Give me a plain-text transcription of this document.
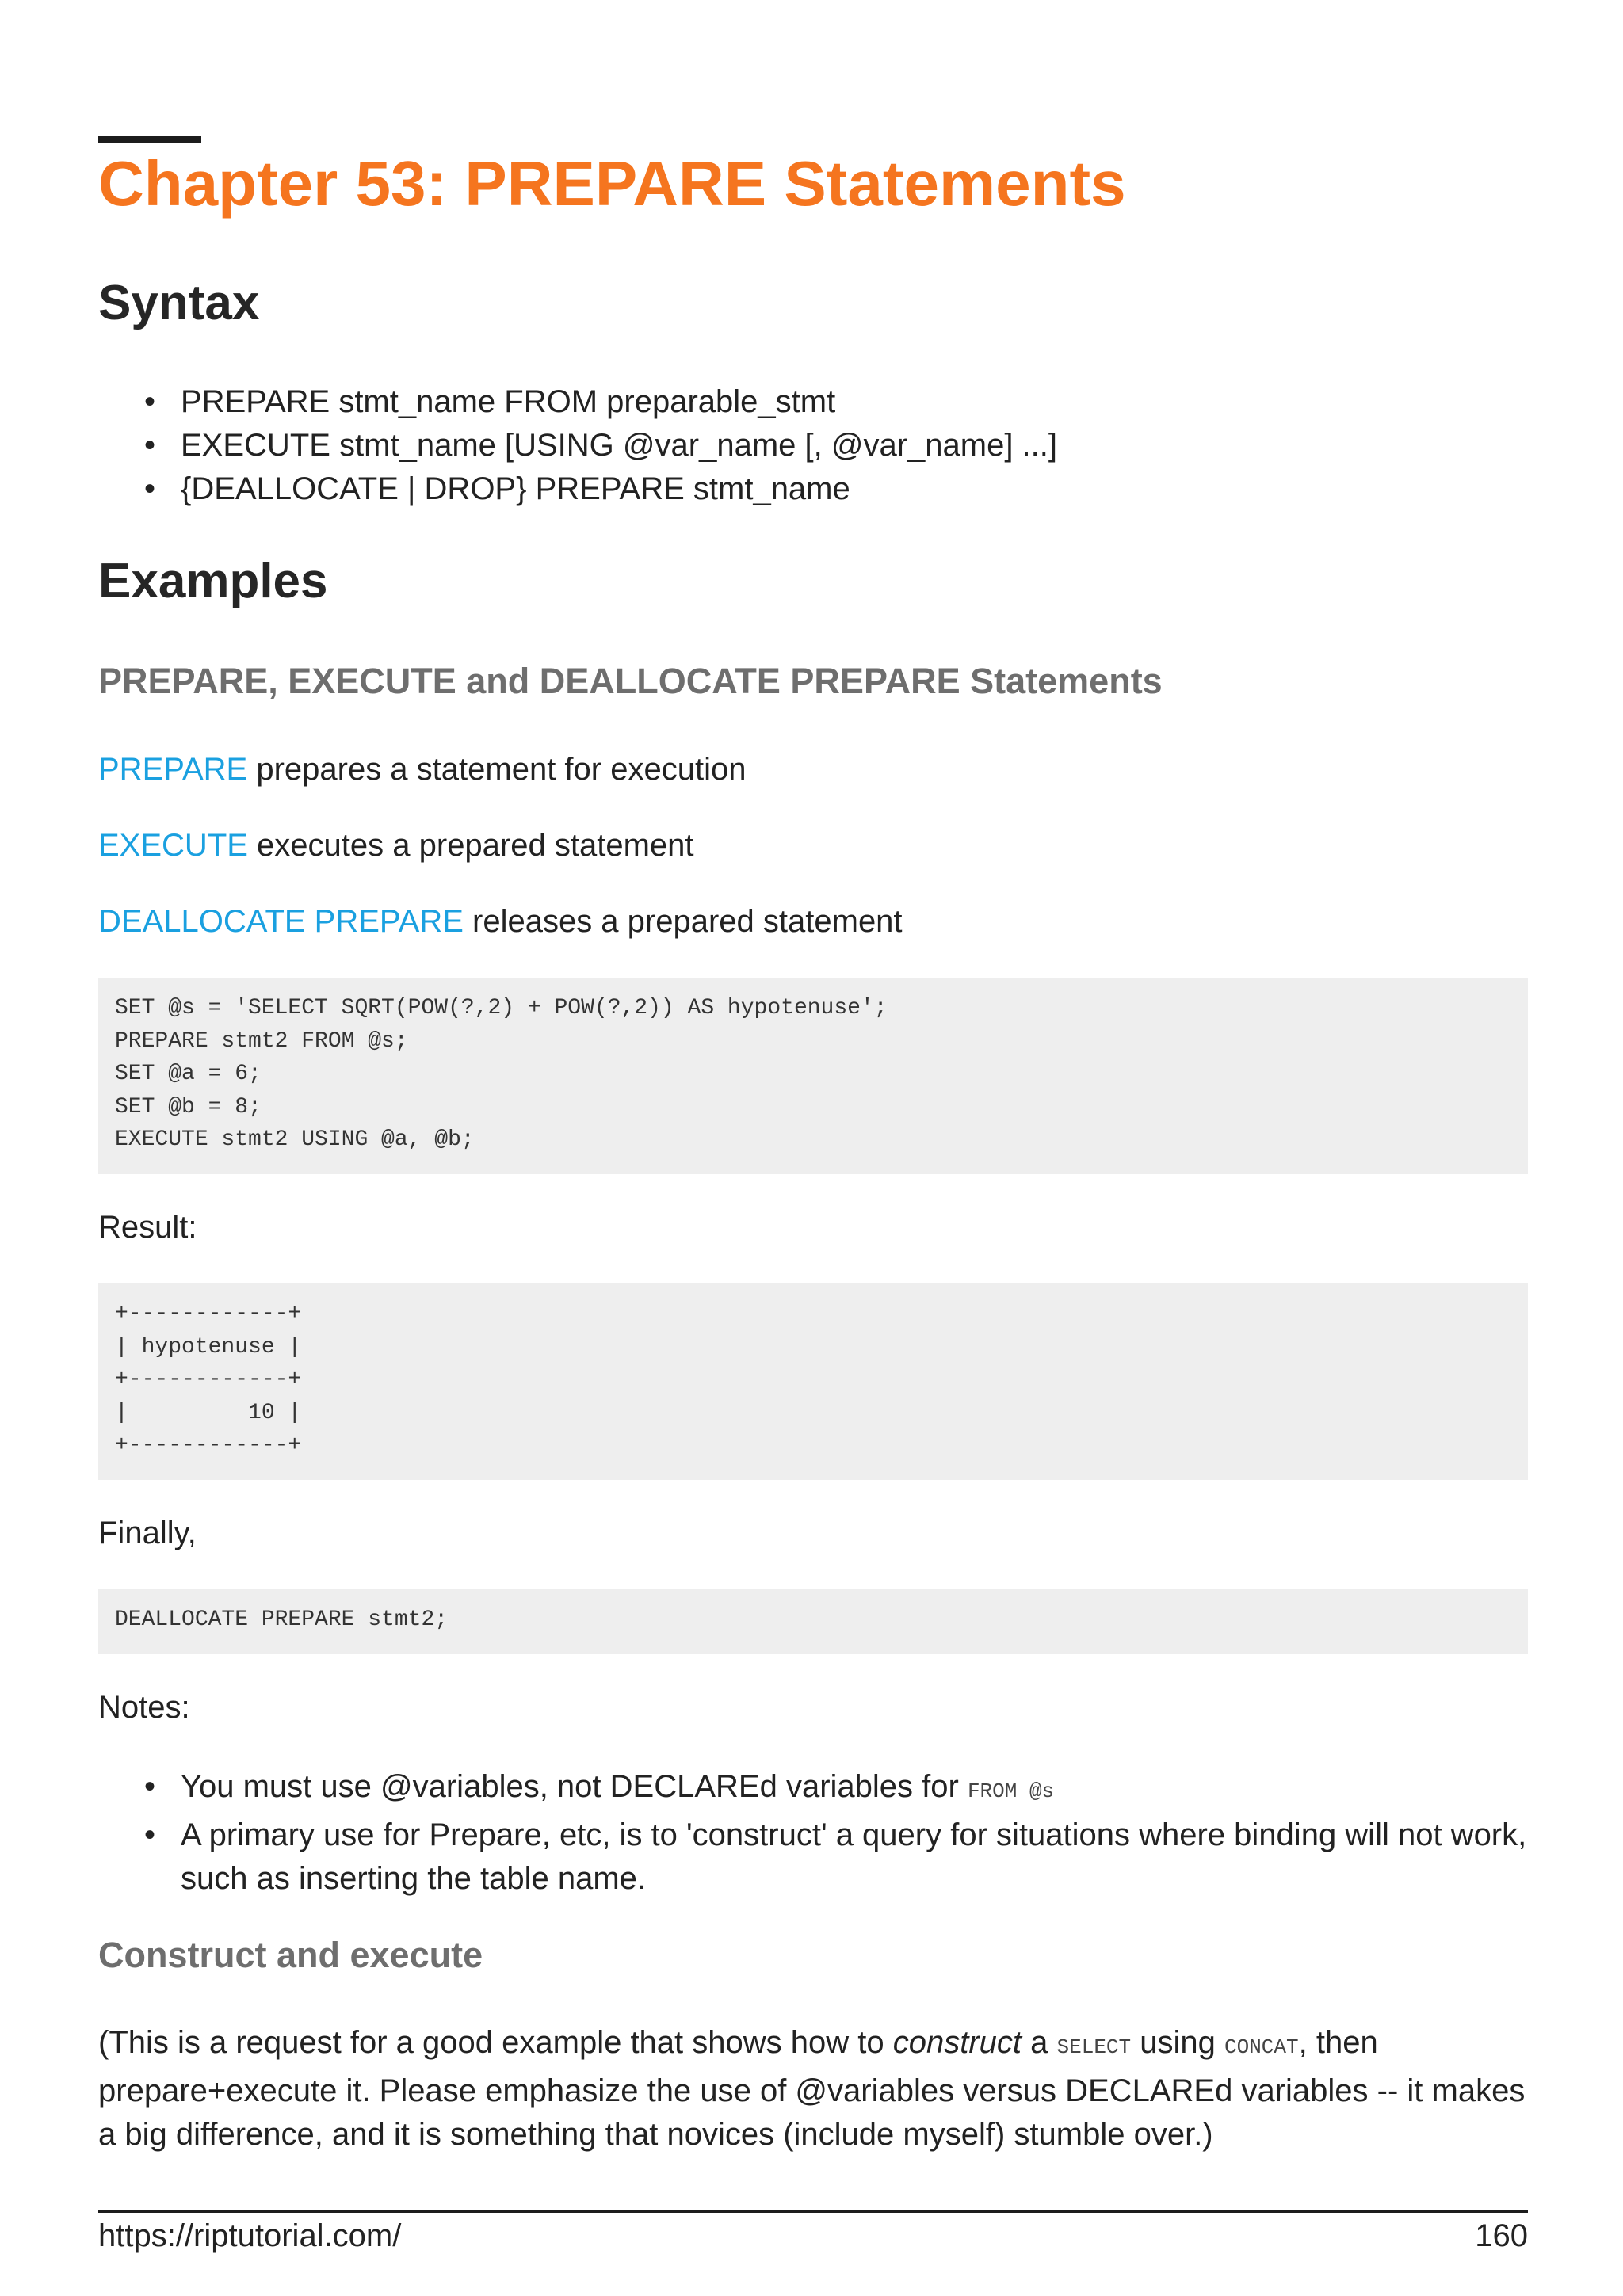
Chapter 53: PREPARE Statements
Syntax
• PREPARE stmt_name FROM preparable_stmt
• EXECUTE stmt_name [USING @var_name [, @var_name] ...]
• {DEALLOCATE | DROP} PREPARE stmt_name
Examples
PREPARE, EXECUTE and DEALLOCATE PREPARE Statements

PREPARE prepares a statement for execution

EXECUTE executes a prepared statement

DEALLOCATE PREPARE releases a prepared statement

SET @s = 'SELECT SQRT(POW(?,2) + POW(?,2)) AS hypotenuse';
PREPARE stmt2 FROM @s;
SET @a = 6;
SET @b = 8;
EXECUTE stmt2 USING @a, @b;

Result:

+------------+
| hypotenuse |
+------------+
|         10 |
+------------+

Finally,

DEALLOCATE PREPARE stmt2;

Notes:

• You must use @variables, not DECLAREd variables for FROM @s
• A primary use for Prepare, etc, is to 'construct' a query for situations where binding will not work, such as inserting the table name.
Construct and execute

(This is a request for a good example that shows how to construct a SELECT using CONCAT, then prepare+execute it. Please emphasize the use of @variables versus DECLAREd variables -- it makes a big difference, and it is something that novices (include myself) stumble over.)

https://riptutorial.com/	160
